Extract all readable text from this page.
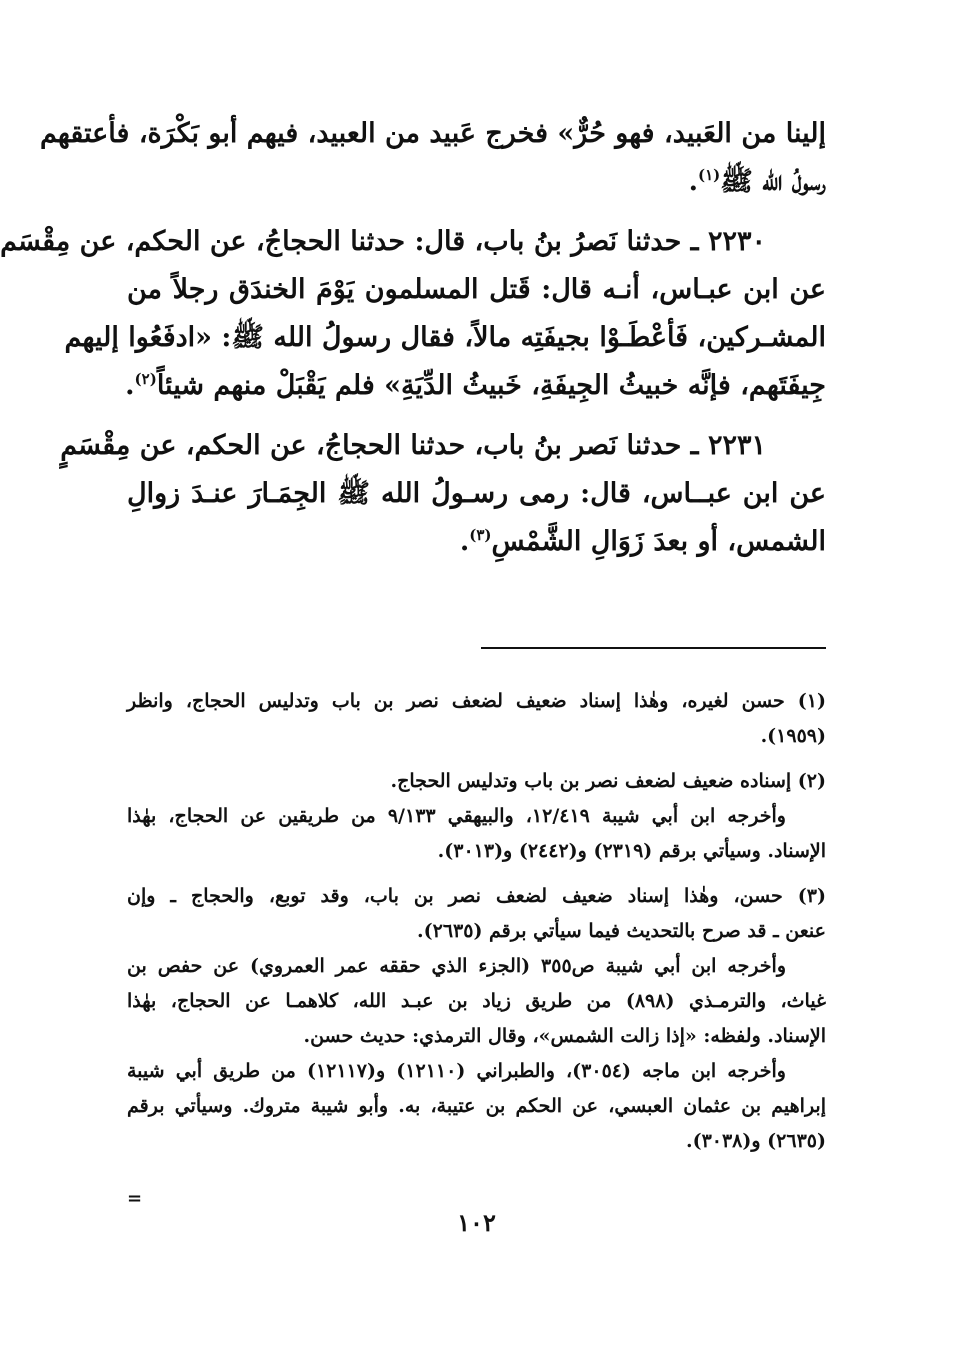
إلينا من العَبيد، فهو حُرٌّ» فخرج عَبيد من العبيد، فيهم أبو بَكْرَة، فأعتقهم
رسولُ الله ﷺ$^{(١)}$.
٢٢٣٠ ـ حدثنا نَصرُ بنُ باب، قال: حدثنا الحجاجُ، عن الحكم، عن مِقْسَم
عن ابن عبـاس، أنـه قال: قَتل المسلمون يَوْمَ الخندَق رجلاً من
المشـركين، فَأعْطَـوْا بجيفَتِه مالاً، فقال رسولُ الله ﷺ: «ادفَعُوا إليهم
جِيفَتَهم، فإنَّه خبيثُ الجِيفَةِ، خَبيثُ الدِّيَةِ» فلم يَقْبَلْ منهم شيئاً$^{(٢)}$.
٢٢٣١ ـ حدثنا نَصر بنُ باب، حدثنا الحجاجُ، عن الحكم، عن مِقْسَمٍ
عن ابن عبــاس، قال: رمى رسـولُ الله ﷺ الجِمَـارَ عنـدَ زوالِ
الشمس، أو بعدَ زَوَالِ الشَّمْسِ$^{(٣)}$.
(١) حسن لغيره، وهٰذا إسناد ضعيف لضعف نصر بن باب وتدليس الحجاج، وانظر
(١٩٥٩).
(٢) إسناده ضعيف لضعف نصر بن باب وتدليس الحجاج.
وأخرجه ابن أبي شيبة ١٢/٤١٩، والبيهقي ٩/١٣٣ من طريقين عن الحجاج، بهٰذا
الإسناد. وسيأتي برقم (٢٣١٩) و(٢٤٤٢) و(٣٠١٣).
(٣) حسن، وهٰذا إسناد ضعيف لضعف نصر بن باب، وقد توبع، والحجاج ـ وإن
عنعن ـ قد صرح بالتحديث فيما سيأتي برقم (٢٦٣٥).
وأخرجه ابن أبي شيبة ص٣٥٥ (الجزء الذي حققه عمر العمروي) عن حفص بن
غياث، والترمـذي (٨٩٨) من طريق زياد بن عبـد الله، كلاهمـا عن الحجاج، بهٰذا
الإسناد. ولفظه: «إذا زالت الشمس»، وقال الترمذي: حديث حسن.
وأخرجه ابن ماجه (٣٠٥٤)، والطبراني (١٢١١٠) و(١٢١١٧) من طريق أبي شيبة
إبراهيم بن عثمان العبسي، عن الحكم بن عتيبة، به. وأبو شيبة متروك. وسيأتي برقم
(٢٦٣٥) و(٣٠٣٨).
=
١٠٢
